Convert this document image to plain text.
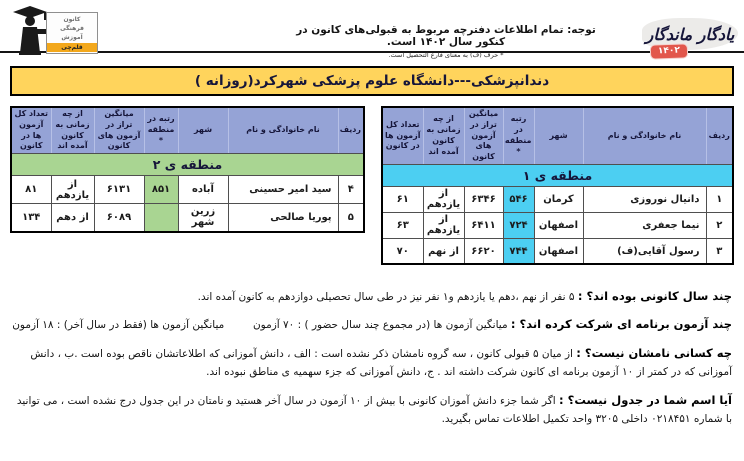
کانون
فرهنگی
آموزش
قلم‌چی
توجه: تمام اطلاعات دفترچه مربوط به قبولی‌های کانون در کنکور سال ۱۴۰۲ است.
* حرف (ف) به معنای فارغ التحصیل است.
یادگار ماندگار
۱۴۰۲
دندانپزشکی---دانشگاه علوم پزشکی شهرکرد(روزانه )
ردیف	نام خانوادگی و نام	شهر	رتبه در منطقه *	میانگین تراز در آزمون های کانون	از چه زمانی به کانون آمده اند	تعداد کل آزمون ها در کانون
منطقه ی ۱						
۱	دانیال نوروزی	کرمان	۵۴۶	۶۳۴۶	از یازدهم	۶۱
۲	نیما جعفری	اصفهان	۷۲۴	۶۴۱۱	از یازدهم	۶۳
۳	رسول آقایی(ف)	اصفهان	۷۴۴	۶۶۲۰	از نهم	۷۰
ردیف	نام خانوادگی و نام	شهر	رتبه در منطقه *	میانگین تراز در آزمون های کانون	از چه زمانی به کانون آمده اند	تعداد کل آزمون ها در کانون
منطقه ی ۲						
۴	سید امیر حسینی	آباده	۸۵۱	۶۱۳۱	از یازدهم	۸۱
۵	پوریا صالحی	زرین شهر		۶۰۸۹	از دهم	۱۳۴

چند سال کانونی بوده اند؟ : ۵ نفر از نهم ،دهم یا یازدهم و۱ نفر نیز در طی سال تحصیلی دوازدهم به کانون آمده اند.

چند آزمون برنامه ای شرکت کرده اند؟ : میانگین آزمون ها (در مجموع چند سال حضور ) : ۷۰ آزمون  میانگین آزمون ها (فقط در سال آخر) : ۱۸ آزمون

چه کسانی نامشان نیست؟ : از میان ۵ قبولی کانون ، سه گروه نامشان ذکر نشده است : الف ، دانش آموزانی که اطلاعاتشان ناقص بوده است .ب ، دانش آموزانی که در کمتر از ۱۰ آزمون برنامه ای کانون شرکت داشته اند . ج، دانش آموزانی که جزء سهمیه ی مناطق نبوده اند.

آیا اسم شما در جدول نیست؟ : اگر شما جزء دانش آموزان کانونی با بیش از ۱۰ آزمون در سال آخر هستید و نامتان در این جدول درج نشده است ، می توانید با شماره ۰۲۱۸۴۵۱ داخلی ۳۲۰۵ واحد تکمیل اطلاعات تماس بگیرید.
